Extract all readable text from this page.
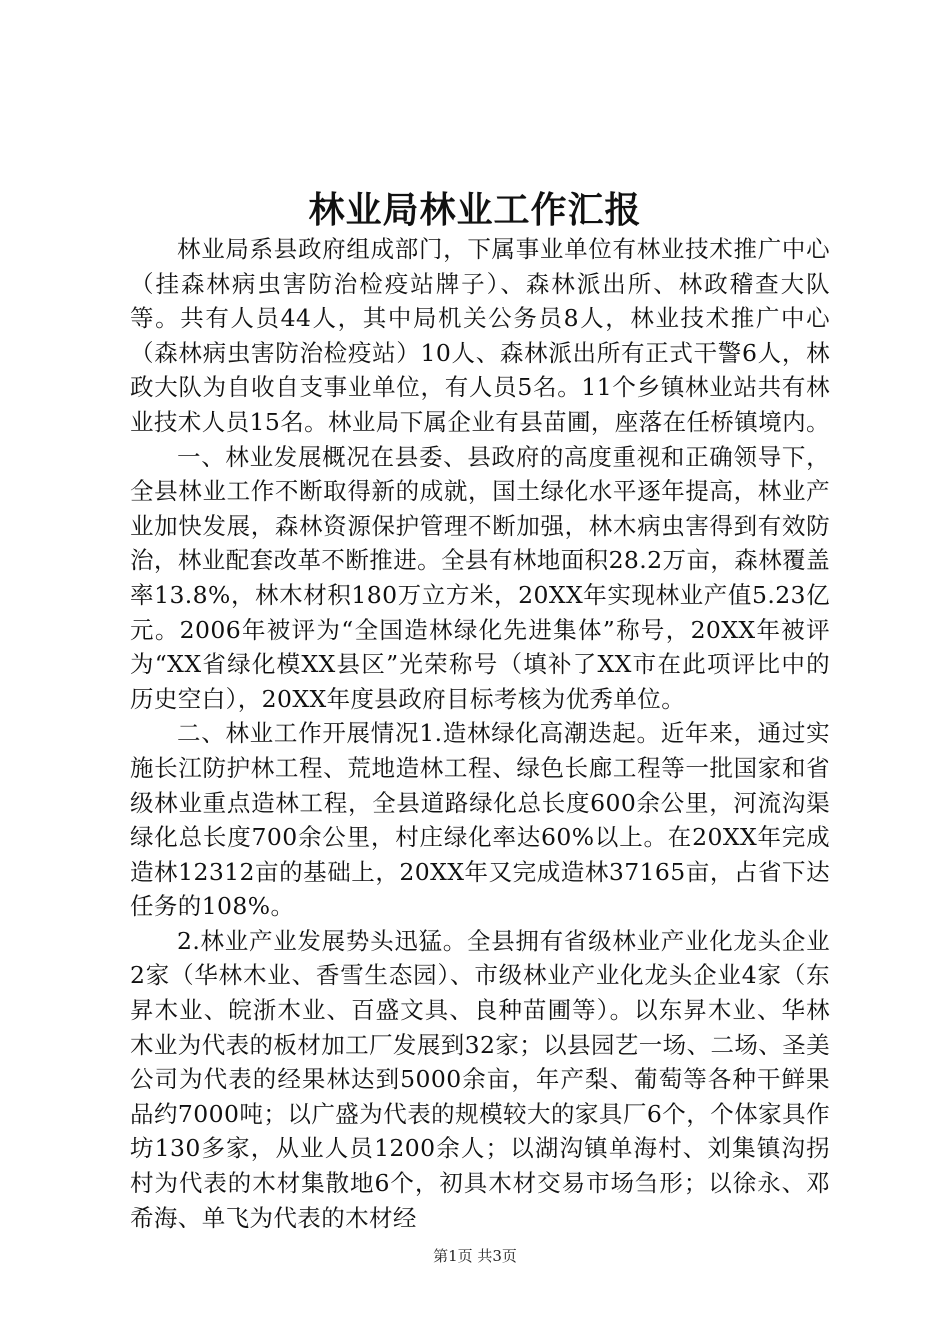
林业局林业工作汇报

林业局系县政府组成部门，下属事业单位有林业技术推广中心（挂森林病虫害防治检疫站牌子）、森林派出所、林政稽查大队等。共有人员44人，其中局机关公务员8人，林业技术推广中心（森林病虫害防治检疫站）10人、森林派出所有正式干警6人，林政大队为自收自支事业单位，有人员5名。11个乡镇林业站共有林业技术人员15名。林业局下属企业有县苗圃，座落在任桥镇境内。

一、林业发展概况在县委、县政府的高度重视和正确领导下，全县林业工作不断取得新的成就，国土绿化水平逐年提高，林业产业加快发展，森林资源保护管理不断加强，林木病虫害得到有效防治，林业配套改革不断推进。全县有林地面积28.2万亩，森林覆盖率13.8%，林木材积180万立方米，20XX年实现林业产值5.23亿元。2006年被评为“全国造林绿化先进集体”称号，20XX年被评为“XX省绿化模XX县区”光荣称号（填补了XX市在此项评比中的历史空白），20XX年度县政府目标考核为优秀单位。

二、林业工作开展情况1.造林绿化高潮迭起。近年来，通过实施长江防护林工程、荒地造林工程、绿色长廊工程等一批国家和省级林业重点造林工程，全县道路绿化总长度600余公里，河流沟渠绿化总长度700余公里，村庄绿化率达60%以上。在20XX年完成造林12312亩的基础上，20XX年又完成造林37165亩，占省下达任务的108%。

2.林业产业发展势头迅猛。全县拥有省级林业产业化龙头企业2家（华林木业、香雪生态园）、市级林业产业化龙头企业4家（东昇木业、皖浙木业、百盛文具、良种苗圃等）。以东昇木业、华林木业为代表的板材加工厂发展到32家；以县园艺一场、二场、圣美公司为代表的经果林达到5000余亩，年产梨、葡萄等各种干鲜果品约7000吨；以广盛为代表的规模较大的家具厂6个，个体家具作坊130多家，从业人员1200余人；以湖沟镇单海村、刘集镇沟拐村为代表的木材集散地6个，初具木材交易市场刍形；以徐永、邓希海、单飞为代表的木材经

第1页 共3页
